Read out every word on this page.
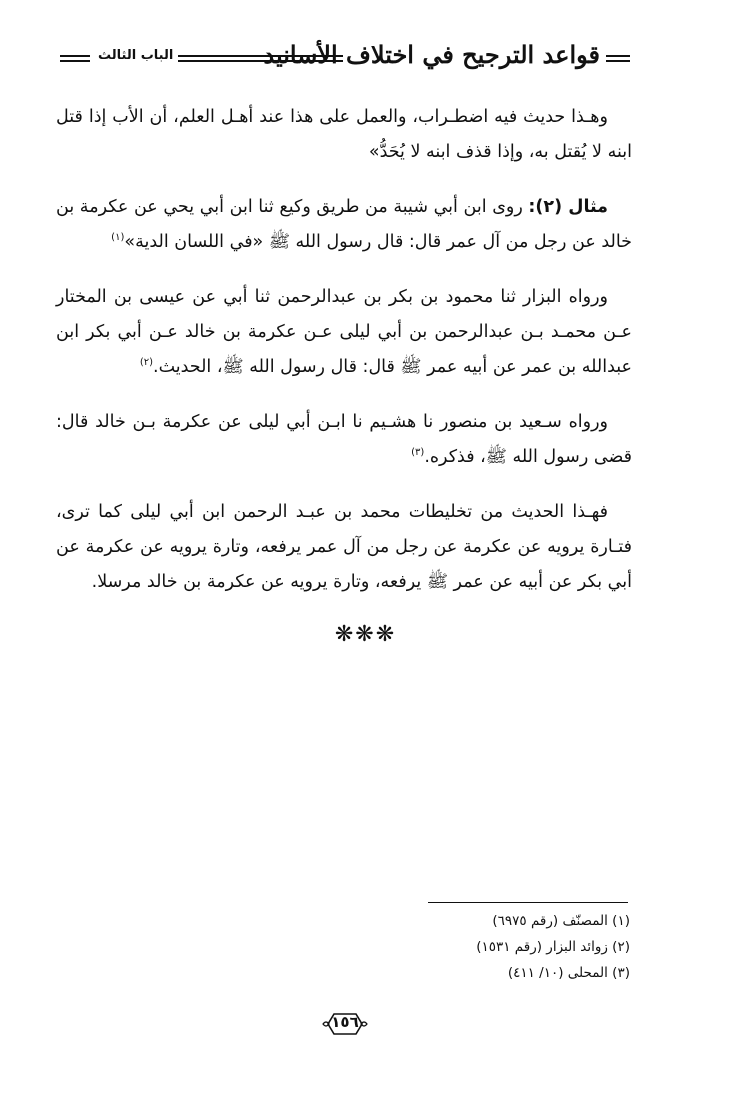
الباب الثالث	قواعد الترجيح في اختلاف الأسانيد

وهـذا حديث فيه اضطـراب، والعمل على هذا عند أهـل العلم، أن الأب إذا قتل ابنه لا يُقتل به، وإذا قذف ابنه لا يُحَدُّ»

مثال (٢): روى ابن أبي شيبة من طريق وكيع ثنا ابن أبي يحي عن عكرمة بن خالد عن رجل من آل عمر قال: قال رسول الله ﷺ «في اللسان الدية»$^{(١)}$

ورواه البزار ثنا محمود بن بكر بن عبدالرحمن ثنا أبي عن عيسى بن المختار عـن محمـد بـن عبدالرحمن بن أبي ليلى عـن عكرمة بن خالد عـن أبي بكر ابن عبدالله بن عمر عن أبيه عمر ﷺ قال: قال رسول الله ﷺ، الحديث.$^{(٢)}$

ورواه سـعيد بن منصور نا هشـيم نا ابـن أبي ليلى عن عكرمة بـن خالد قال: قضى رسول الله ﷺ، فذكره.$^{(٣)}$

فهـذا الحديث من تخليطات محمد بن عبـد الرحمن ابن أبي ليلى كما ترى، فتـارة يرويه عن عكرمة عن رجل من آل عمر يرفعه، وتارة يرويه عن عكرمة عن أبي بكر عن أبيه عن عمر ﷺ يرفعه، وتارة يرويه عن عكرمة بن خالد مرسلا.

❋❋❋

(١) المصنّف (رقم ٦٩٧٥)

(٢) زوائد البزار (رقم ١٥٣١)

(٣) المحلى (١٠/ ٤١١)

١٥٦
